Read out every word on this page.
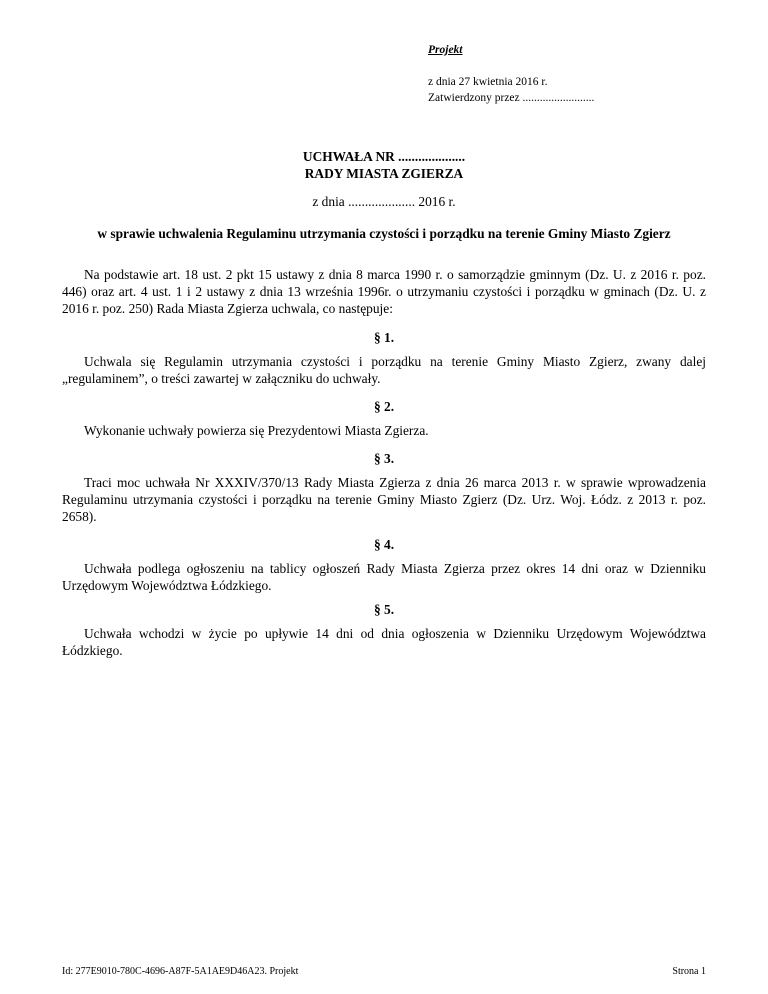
Projekt
z dnia 27 kwietnia 2016 r.
Zatwierdzony przez .........................
UCHWAŁA NR ....................
RADY MIASTA ZGIERZA
z dnia .................... 2016 r.
w sprawie uchwalenia Regulaminu utrzymania czystości i porządku na terenie Gminy Miasto Zgierz
Na podstawie art. 18 ust. 2 pkt 15 ustawy z dnia 8 marca 1990 r. o samorządzie gminnym (Dz. U. z 2016 r. poz. 446) oraz art. 4 ust. 1 i 2 ustawy z dnia 13 września 1996r. o utrzymaniu czystości i porządku w gminach (Dz. U. z 2016 r. poz. 250) Rada Miasta Zgierza uchwala, co następuje:
§ 1.
Uchwala się Regulamin utrzymania czystości i porządku na terenie Gminy Miasto Zgierz, zwany dalej „regulaminem”, o treści zawartej w załączniku do uchwały.
§ 2.
Wykonanie uchwały powierza się Prezydentowi Miasta Zgierza.
§ 3.
Traci moc uchwała Nr XXXIV/370/13 Rady Miasta Zgierza z dnia 26 marca 2013 r. w sprawie wprowadzenia Regulaminu utrzymania czystości i porządku na terenie Gminy Miasto Zgierz (Dz. Urz. Woj. Łódz. z 2013 r. poz. 2658).
§ 4.
Uchwała podlega ogłoszeniu na tablicy ogłoszeń Rady Miasta Zgierza przez okres 14 dni oraz w Dzienniku Urzędowym Województwa Łódzkiego.
§ 5.
Uchwała wchodzi w życie po upływie 14 dni od dnia ogłoszenia w Dzienniku Urzędowym Województwa Łódzkiego.
Id: 277E9010-780C-4696-A87F-5A1AE9D46A23. Projekt	Strona 1
